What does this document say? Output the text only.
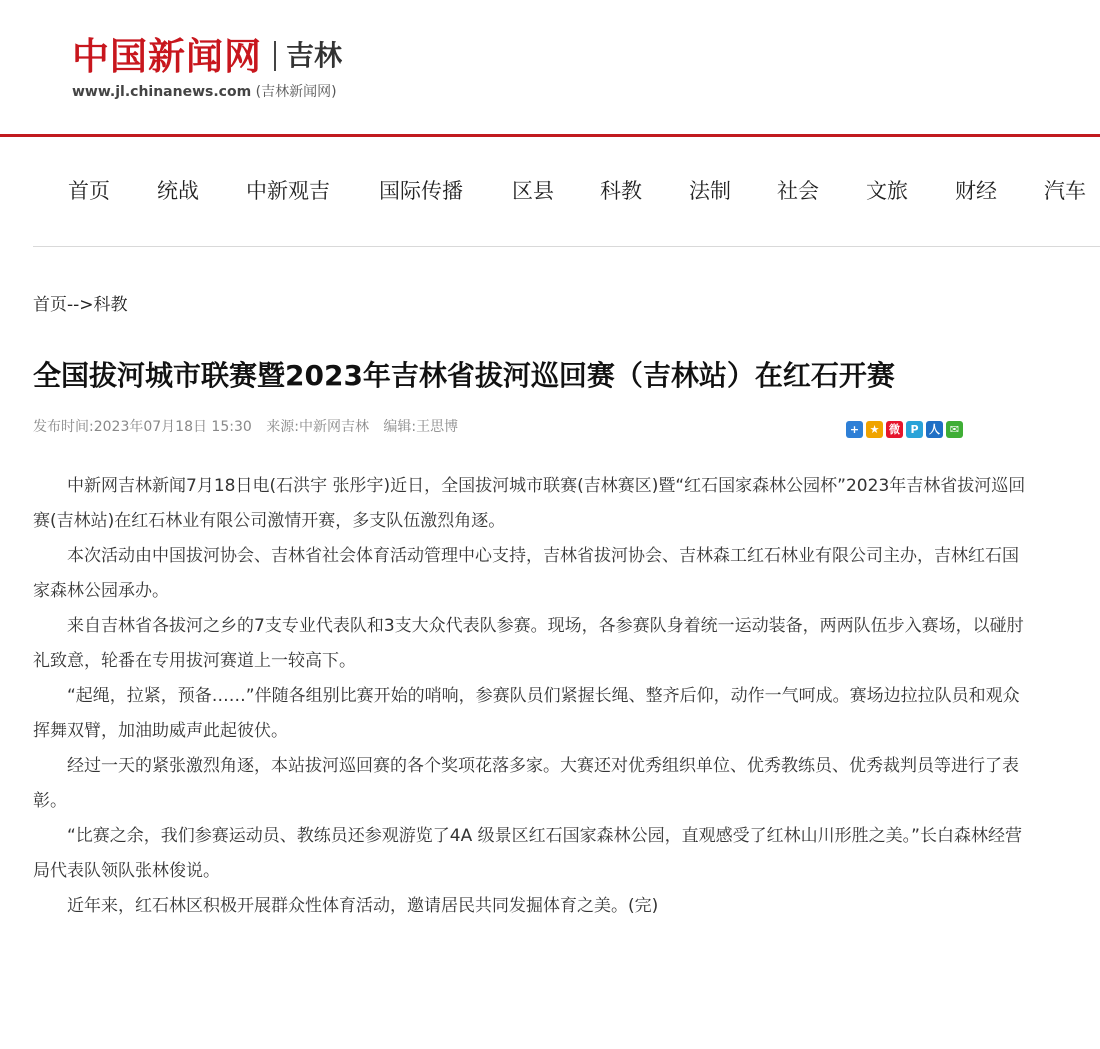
中国新闻网 吉林
www.jl.chinanews.com (吉林新闻网)
首页 统战 中新观吉 国际传播 区县 科教 法制 社会 文旅 财经 汽车
首页-->科教
全国拔河城市联赛暨2023年吉林省拔河巡回赛（吉林站）在红石开赛
发布时间:2023年07月18日 15:30 来源:中新网吉林 编辑:王思博	+ ★ 微 P 人 ✉

中新网吉林新闻7月18日电(石洪宇 张彤宇)近日，全国拔河城市联赛(吉林赛区)暨“红石国家森林公园杯”2023年吉林省拔河巡回赛(吉林站)在红石林业有限公司激情开赛，多支队伍激烈角逐。

本次活动由中国拔河协会、吉林省社会体育活动管理中心支持，吉林省拔河协会、吉林森工红石林业有限公司主办，吉林红石国家森林公园承办。

来自吉林省各拔河之乡的7支专业代表队和3支大众代表队参赛。现场，各参赛队身着统一运动装备，两两队伍步入赛场，以碰肘礼致意，轮番在专用拔河赛道上一较高下。

“起绳，拉紧，预备……”伴随各组别比赛开始的哨响，参赛队员们紧握长绳、整齐后仰，动作一气呵成。赛场边拉拉队员和观众挥舞双臂，加油助威声此起彼伏。

经过一天的紧张激烈角逐，本站拔河巡回赛的各个奖项花落多家。大赛还对优秀组织单位、优秀教练员、优秀裁判员等进行了表彰。

“比赛之余，我们参赛运动员、教练员还参观游览了4A 级景区红石国家森林公园，直观感受了红林山川形胜之美。”长白森林经营局代表队领队张林俊说。

近年来，红石林区积极开展群众性体育活动，邀请居民共同发掘体育之美。(完)
